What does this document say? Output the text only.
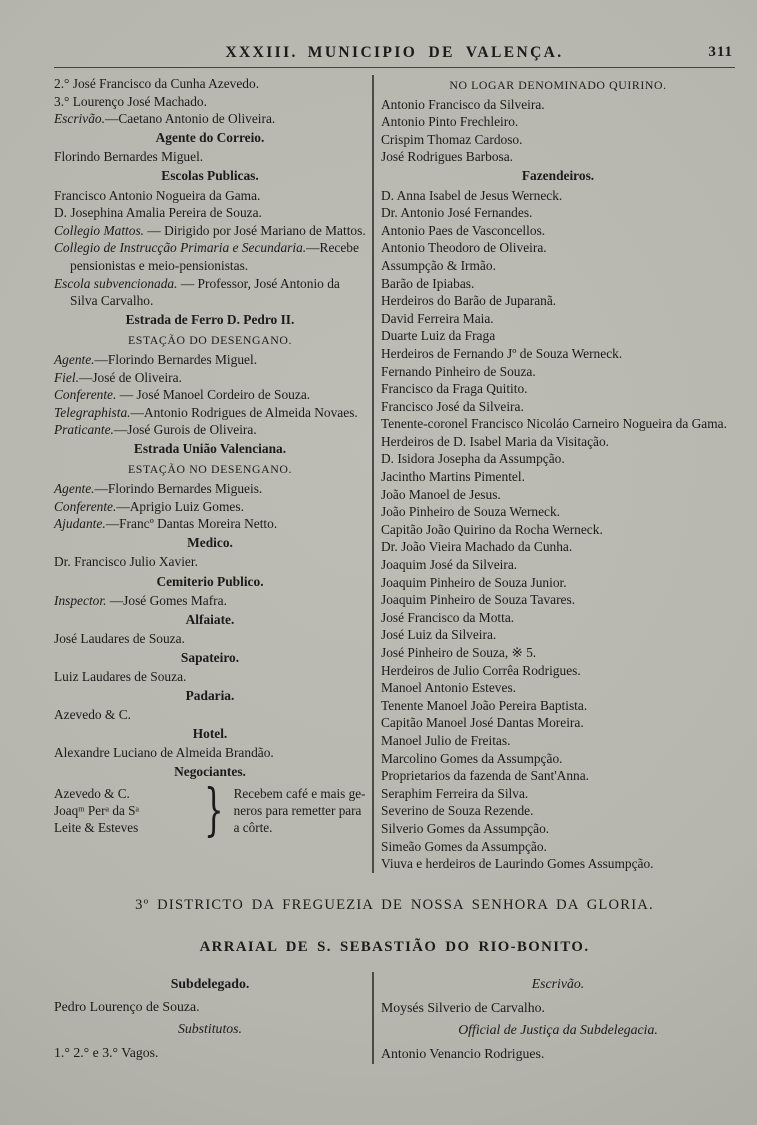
XXXIII. MUNICIPIO DE VALENÇA.	311
2.° José Francisco da Cunha Azevedo.
3.° Lourenço José Machado.
Escrivão.—Caetano Antonio de Oliveira.
Agente do Correio.
Florindo Bernardes Miguel.
Escolas Publicas.
Francisco Antonio Nogueira da Gama.
D. Josephina Amalia Pereira de Souza.
Collegio Mattos. — Dirigido por José Mariano de Mattos.
Collegio de Instrucção Primaria e Secundaria.—Recebe pensionistas e meio-pensionistas.
Escola subvencionada. — Professor, José Antonio da Silva Carvalho.
Estrada de Ferro D. Pedro II.
ESTAÇÃO DO DESENGANO.
Agente.—Florindo Bernardes Miguel.
Fiel.—José de Oliveira.
Conferente. — José Manoel Cordeiro de Souza.
Telegraphista.—Antonio Rodrigues de Almeida Novaes.
Praticante.—José Gurois de Oliveira.
Estrada União Valenciana.
ESTAÇÃO NO DESENGANO.
Agente.—Florindo Bernardes Migueis.
Conferente.—Aprigio Luiz Gomes.
Ajudante.—Francº Dantas Moreira Netto.
Medico.
Dr. Francisco Julio Xavier.
Cemiterio Publico.
Inspector. —José Gomes Mafra.
Alfaiate.
José Laudares de Souza.
Sapateiro.
Luiz Laudares de Souza.
Padaria.
Azevedo & C.
Hotel.
Alexandre Luciano de Almeida Brandão.
Negociantes.
Azevedo & C.
Joaqᵐ Perᵃ da Sᵃ
Leite & Esteves	} Recebem café e mais ge-
neros para remetter para
a côrte.
NO LOGAR DENOMINADO QUIRINO.
Antonio Francisco da Silveira.
Antonio Pinto Frechleiro.
Crispim Thomaz Cardoso.
José Rodrigues Barbosa.
Fazendeiros.
D. Anna Isabel de Jesus Werneck.
Dr. Antonio José Fernandes.
Antonio Paes de Vasconcellos.
Antonio Theodoro de Oliveira.
Assumpção & Irmão.
Barão de Ipiabas.
Herdeiros do Barão de Juparanã.
David Ferreira Maia.
Duarte Luiz da Fraga
Herdeiros de Fernando Jº de Souza Werneck.
Fernando Pinheiro de Souza.
Francisco da Fraga Quitito.
Francisco José da Silveira.
Tenente-coronel Francisco Nicoláo Carneiro Nogueira da Gama.
Herdeiros de D. Isabel Maria da Visitação.
D. Isidora Josepha da Assumpção.
Jacintho Martins Pimentel.
João Manoel de Jesus.
João Pinheiro de Souza Werneck.
Capitão João Quirino da Rocha Werneck.
Dr. João Vieira Machado da Cunha.
Joaquim José da Silveira.
Joaquim Pinheiro de Souza Junior.
Joaquim Pinheiro de Souza Tavares.
José Francisco da Motta.
José Luiz da Silveira.
José Pinheiro de Souza, ※ 5.
Herdeiros de Julio Corrêa Rodrigues.
Manoel Antonio Esteves.
Tenente Manoel João Pereira Baptista.
Capitão Manoel José Dantas Moreira.
Manoel Julio de Freitas.
Marcolino Gomes da Assumpção.
Proprietarios da fazenda de Sant'Anna.
Seraphim Ferreira da Silva.
Severino de Souza Rezende.
Silverio Gomes da Assumpção.
Simeão Gomes da Assumpção.
Viuva e herdeiros de Laurindo Gomes Assumpção.
3º DISTRICTO DA FREGUEZIA DE NOSSA SENHORA DA GLORIA.
ARRAIAL DE S. SEBASTIÃO DO RIO-BONITO.
Subdelegado.
Pedro Lourenço de Souza.
Substitutos.
1.° 2.° e 3.° Vagos.
Escrivão.
Moysés Silverio de Carvalho.
Official de Justiça da Subdelegacia.
Antonio Venancio Rodrigues.
